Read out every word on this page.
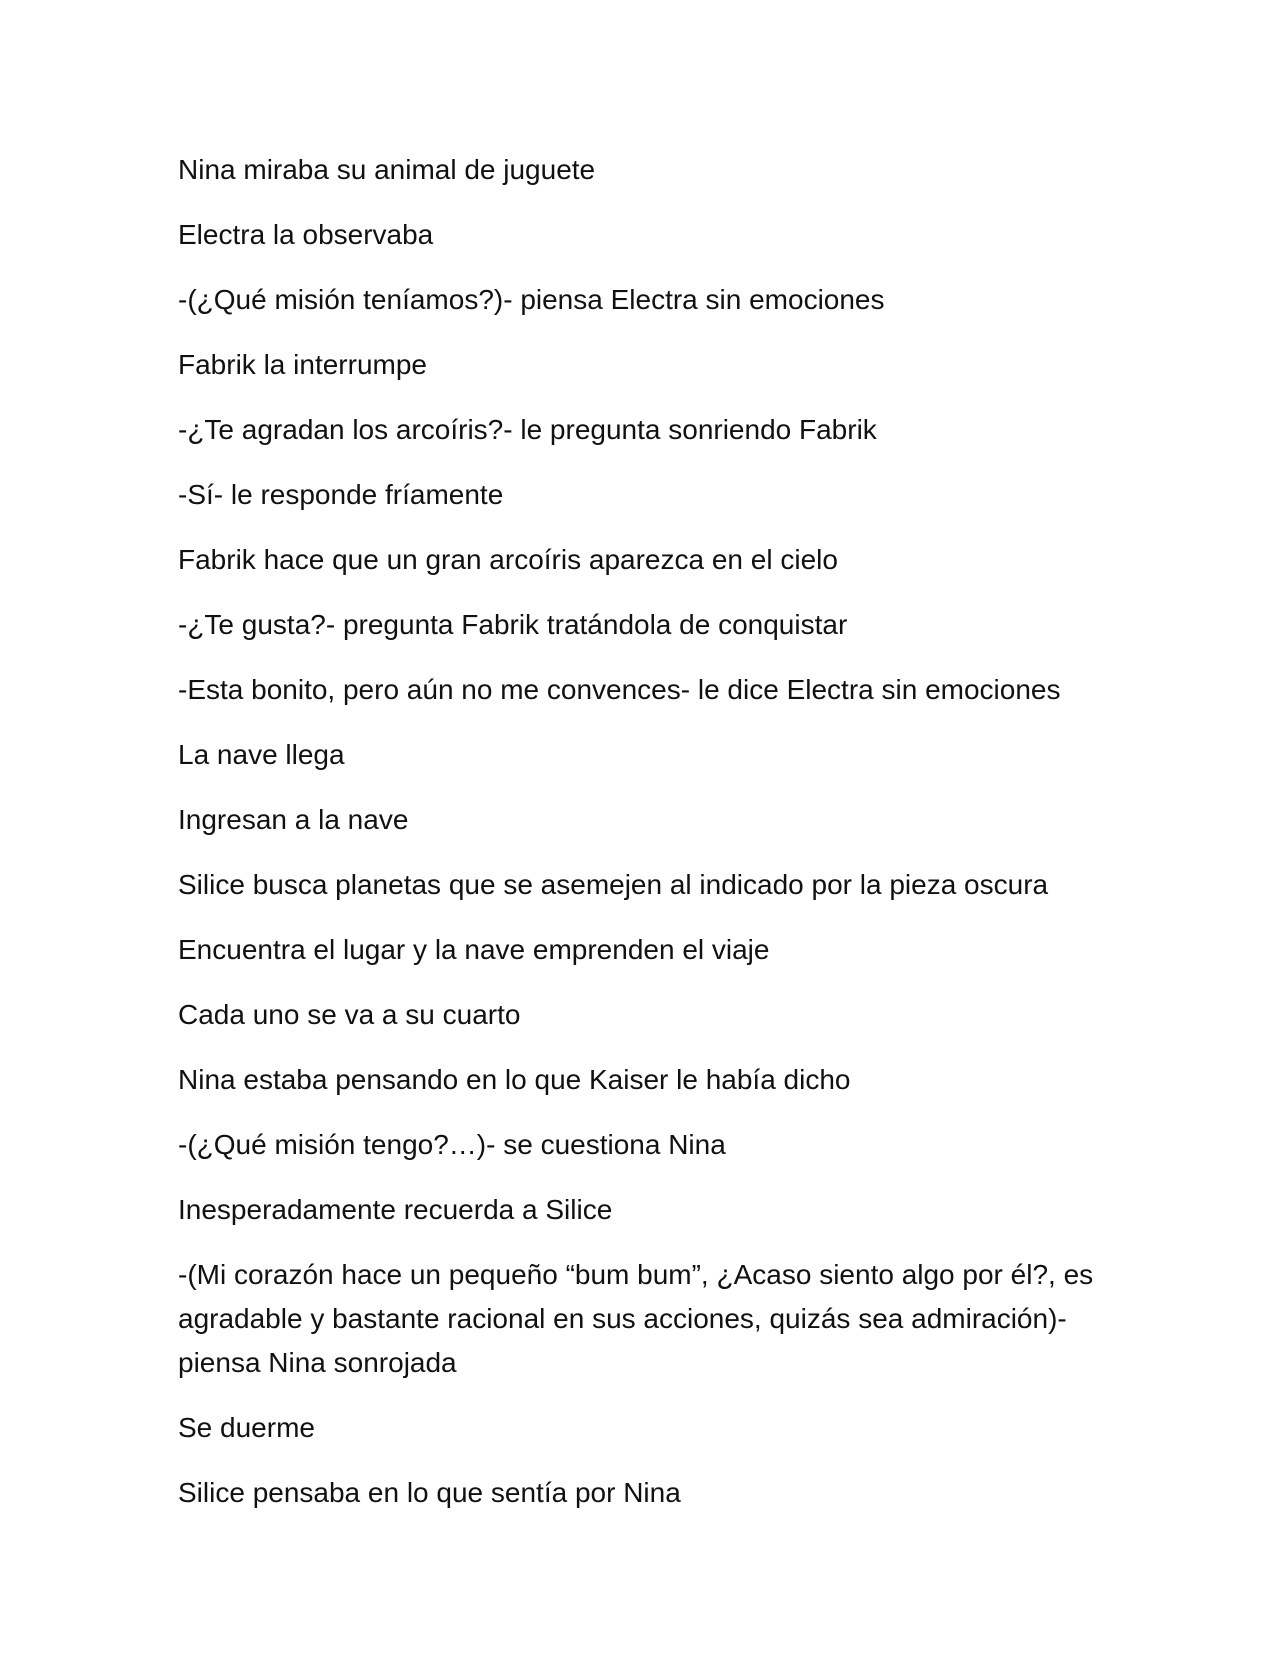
Nina miraba su animal de juguete

Electra la observaba

-(¿Qué misión teníamos?)- piensa Electra sin emociones

Fabrik la interrumpe

-¿Te agradan los arcoíris?- le pregunta sonriendo Fabrik

-Sí- le responde fríamente

Fabrik hace que un gran arcoíris aparezca en el cielo

-¿Te gusta?- pregunta Fabrik tratándola de conquistar

-Esta bonito, pero aún no me convences- le dice Electra sin emociones

La nave llega

Ingresan a la nave

Silice busca planetas que se asemejen al indicado por la pieza oscura

Encuentra el lugar y la nave emprenden el viaje

Cada uno se va a su cuarto

Nina estaba pensando en lo que Kaiser le había dicho

-(¿Qué misión tengo?…)- se cuestiona Nina

Inesperadamente recuerda a Silice

-(Mi corazón hace un pequeño “bum bum”, ¿Acaso siento algo por él?, es agradable y bastante racional en sus acciones, quizás sea admiración)- piensa Nina sonrojada

Se duerme

Silice pensaba en lo que sentía por Nina
